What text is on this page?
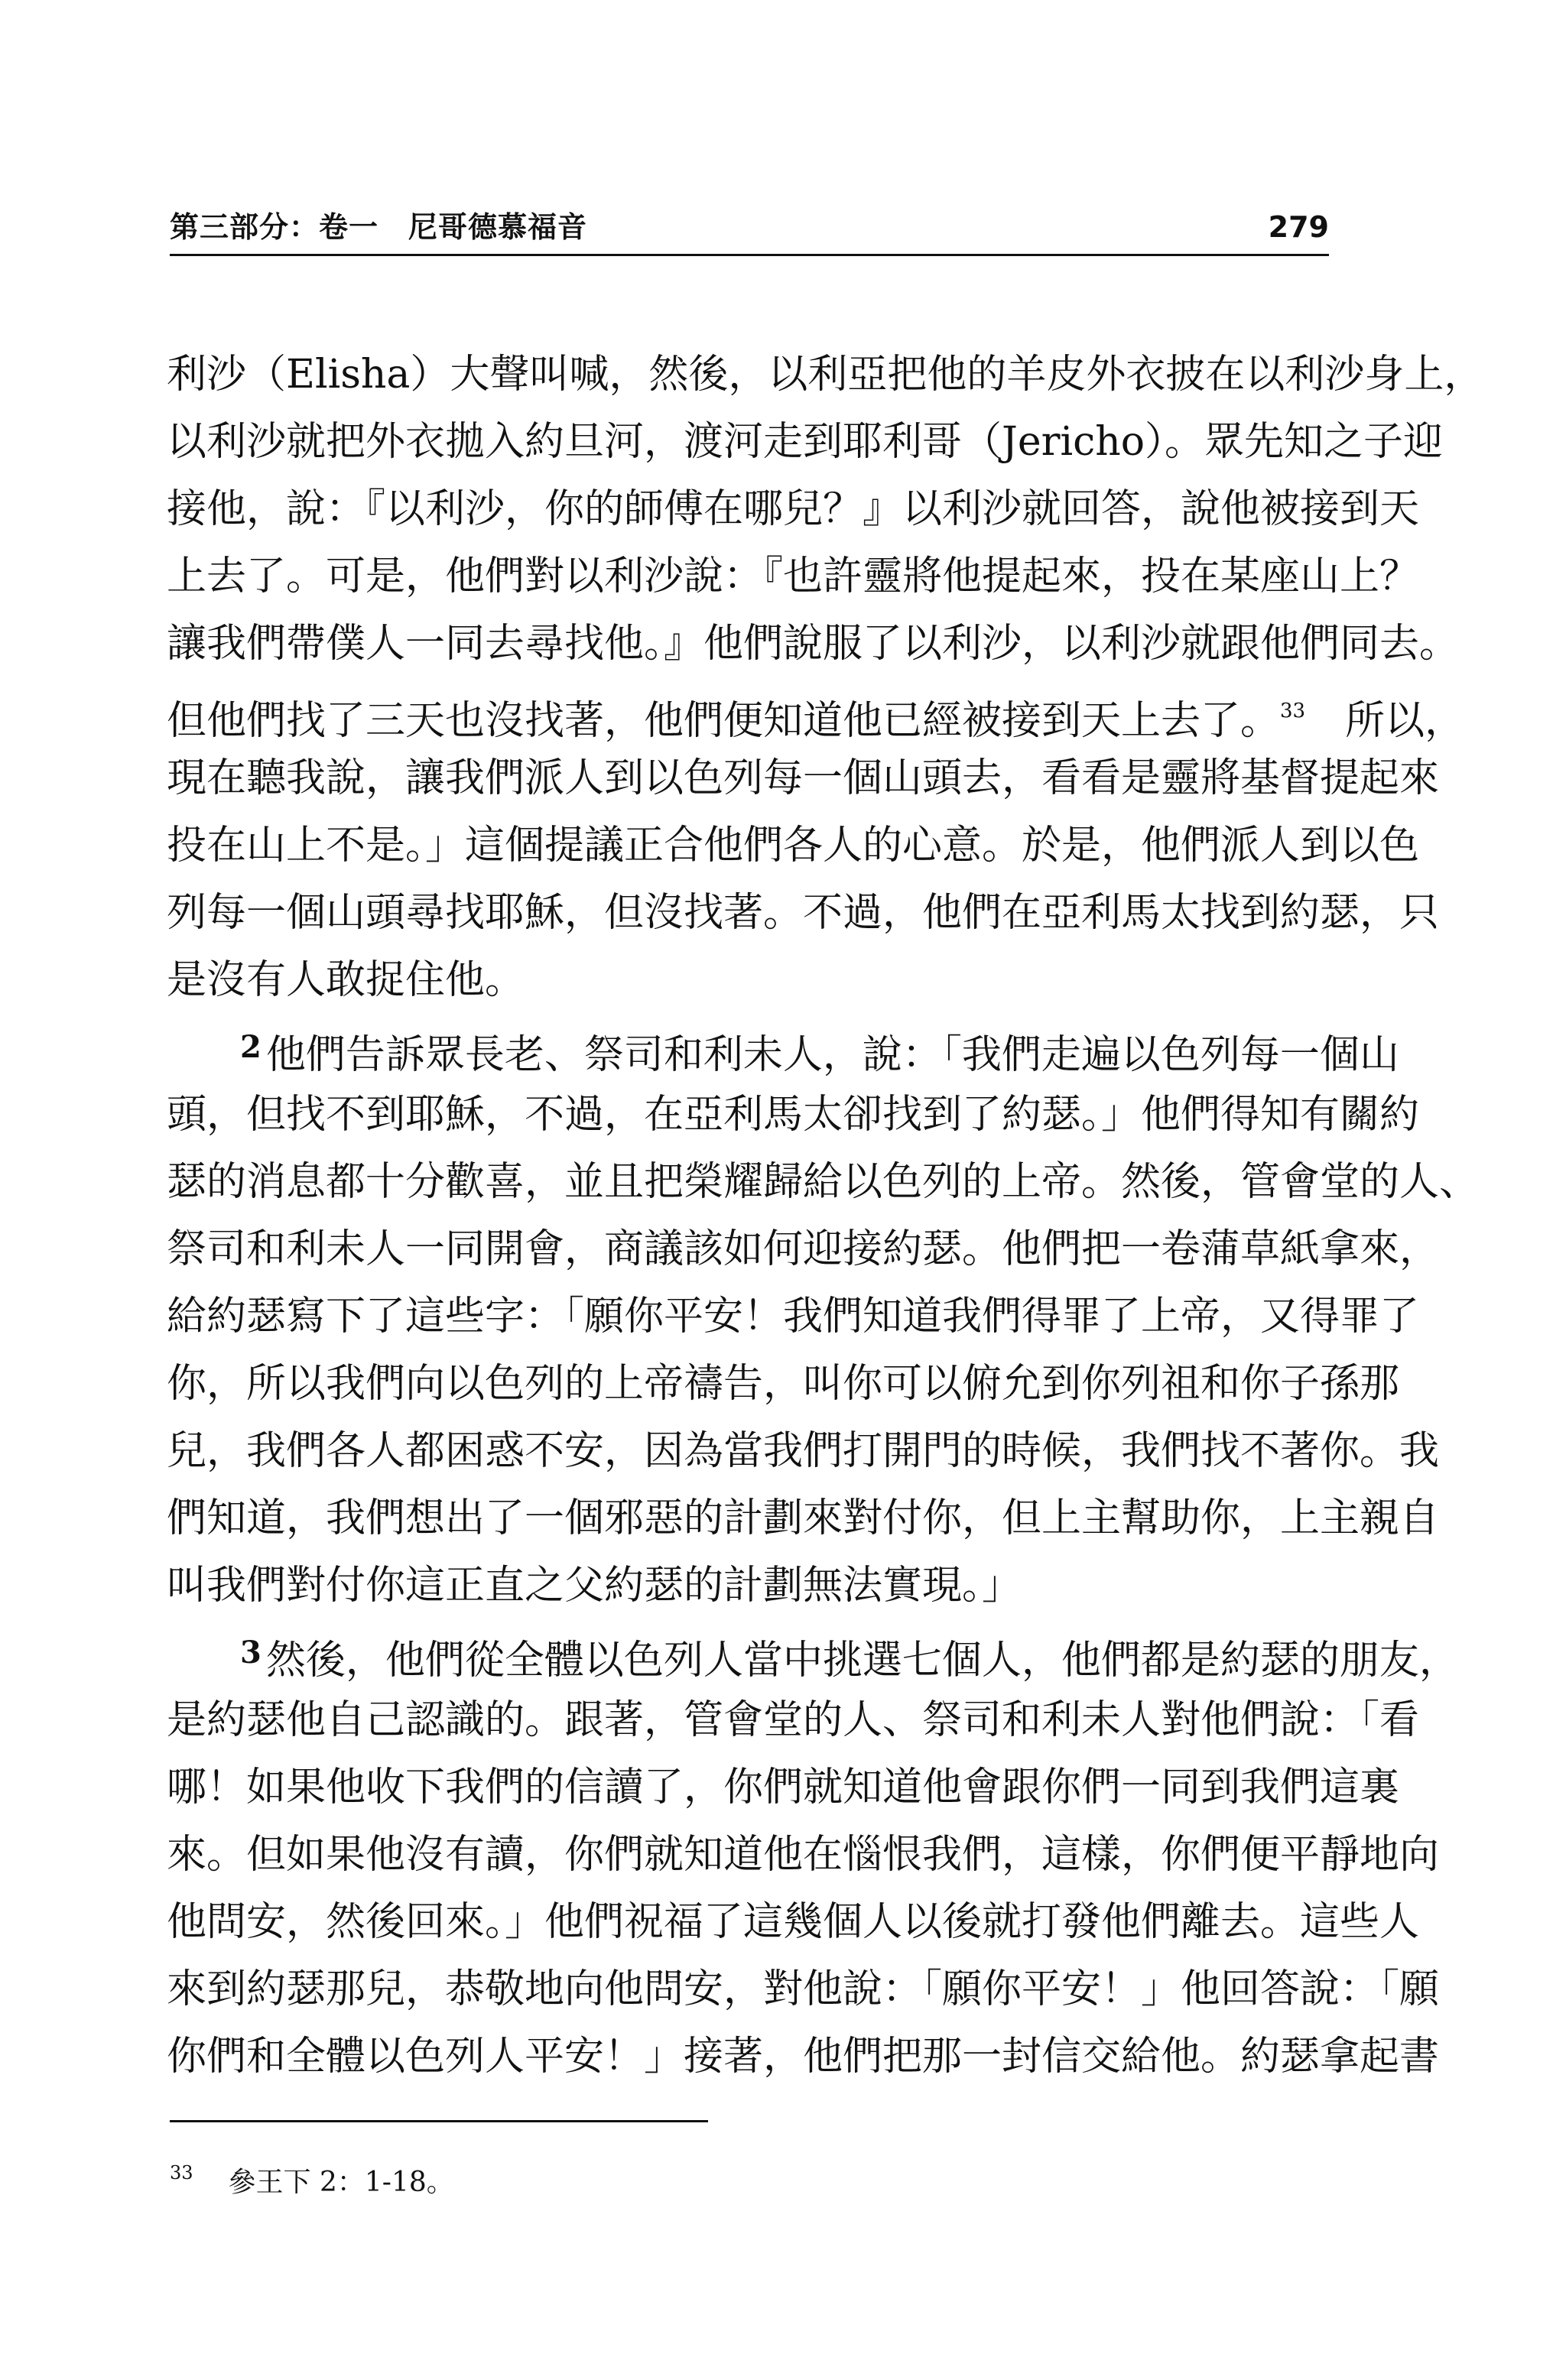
第三部分：卷一　尼哥德慕福音	279
利沙（Elisha）大聲叫喊，然後，以利亞把他的羊皮外衣披在以利沙身上，
以利沙就把外衣拋入約旦河，渡河走到耶利哥（Jericho）。眾先知之子迎
接他，說：『以利沙，你的師傅在哪兒？』以利沙就回答，說他被接到天
上去了。可是，他們對以利沙說：『也許靈將他提起來，投在某座山上？
讓我們帶僕人一同去尋找他。』他們說服了以利沙，以利沙就跟他們同去。
但他們找了三天也沒找著，他們便知道他已經被接到天上去了。$^{33}$　 所以，
現在聽我說，讓我們派人到以色列每一個山頭去，看看是靈將基督提起來
投在山上不是。」這個提議正合他們各人的心意。於是，他們派人到以色
列每一個山頭尋找耶穌，但沒找著。不過，他們在亞利馬太找到約瑟，只
是沒有人敢捉住他。
$^2$ 他們告訴眾長老、祭司和利未人，說：「我們走遍以色列每一個山
頭，但找不到耶穌，不過，在亞利馬太卻找到了約瑟。」他們得知有關約
瑟的消息都十分歡喜，並且把榮耀歸給以色列的上帝。然後，管會堂的人、
祭司和利未人一同開會，商議該如何迎接約瑟。他們把一卷蒲草紙拿來，
給約瑟寫下了這些字：「願你平安！我們知道我們得罪了上帝，又得罪了
你，所以我們向以色列的上帝禱告，叫你可以俯允到你列祖和你子孫那
兒，我們各人都困惑不安，因為當我們打開門的時候，我們找不著你。我
們知道，我們想出了一個邪惡的計劃來對付你，但上主幫助你，上主親自
叫我們對付你這正直之父約瑟的計劃無法實現。」
$^3$ 然後，他們從全體以色列人當中挑選七個人，他們都是約瑟的朋友，
是約瑟他自己認識的。跟著，管會堂的人、祭司和利未人對他們說：「看
哪！如果他收下我們的信讀了，你們就知道他會跟你們一同到我們這裏
來。但如果他沒有讀，你們就知道他在惱恨我們，這樣，你們便平靜地向
他問安，然後回來。」他們祝福了這幾個人以後就打發他們離去。這些人
來到約瑟那兒，恭敬地向他問安，對他說：「願你平安！」他回答說：「願
你們和全體以色列人平安！」接著，他們把那一封信交給他。約瑟拿起書
$^{33}$ 參王下 2：1-18。
